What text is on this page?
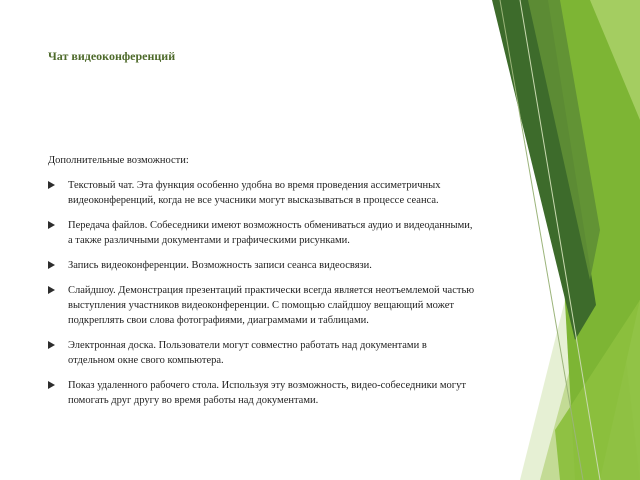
Чат видеоконференций

Дополнительные возможности:

Текстовый чат. Эта функция особенно удобна во время проведения ассиметричных видеоконференций, когда не все учасники могут высказываться в процессе сеанса.
Передача файлов. Собеседники имеют возможность обмениваться аудио и видеоданными, а также различными документами и графическими рисунками.
Запись видеоконференции. Возможность записи сеанса видеосвязи.
Слайдшоу. Демонстрация презентаций практически всегда является неотъемлемой частью выступления участников видеоконференции. С помощью слайдшоу вещающий может подкреплять свои слова фотографиями, диаграммами и таблицами.
Электронная доска. Пользователи могут совместно работать над документами в отдельном окне свого компьютера.
Показ удаленного рабочего стола. Используя эту возможность, видео-собеседники могут помогать друг другу во время работы над документами.
